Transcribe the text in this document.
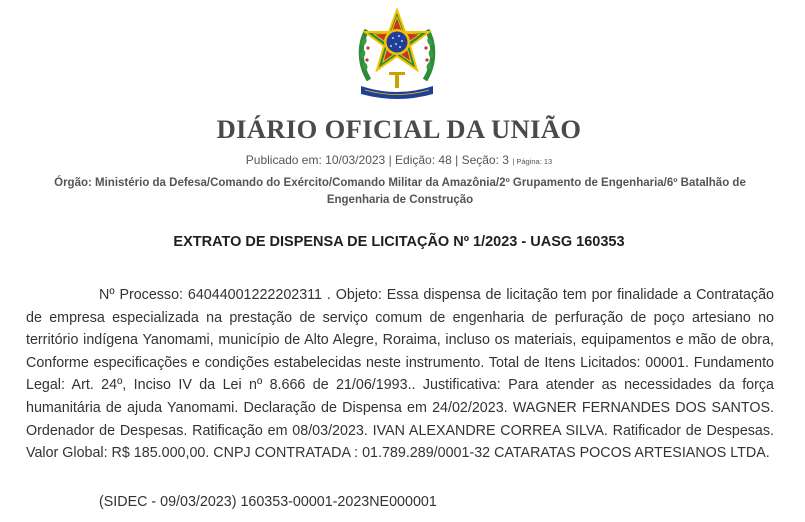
DIÁRIO OFICIAL DA UNIÃO
Publicado em: 10/03/2023 | Edição: 48 | Seção: 3 | Página: 13
Órgão: Ministério da Defesa/Comando do Exército/Comando Militar da Amazônia/2º Grupamento de Engenharia/6º Batalhão de Engenharia de Construção
EXTRATO DE DISPENSA DE LICITAÇÃO Nº 1/2023 - UASG 160353

Nº Processo: 64044001222202311 . Objeto: Essa dispensa de licitação tem por finalidade a Contratação de empresa especializada na prestação de serviço comum de engenharia de perfuração de poço artesiano no território indígena Yanomami, município de Alto Alegre, Roraima, incluso os materiais, equipamentos e mão de obra, Conforme especificações e condições estabelecidas neste instrumento. Total de Itens Licitados: 00001. Fundamento Legal: Art. 24º, Inciso IV da Lei nº 8.666 de 21/06/1993.. Justificativa: Para atender as necessidades da força humanitária de ajuda Yanomami. Declaração de Dispensa em 24/02/2023. WAGNER FERNANDES DOS SANTOS. Ordenador de Despesas. Ratificação em 08/03/2023. IVAN ALEXANDRE CORREA SILVA. Ratificador de Despesas. Valor Global: R$ 185.000,00. CNPJ CONTRATADA : 01.789.289/0001-32 CATARATAS POCOS ARTESIANOS LTDA.

(SIDEC - 09/03/2023) 160353-00001-2023NE000001
